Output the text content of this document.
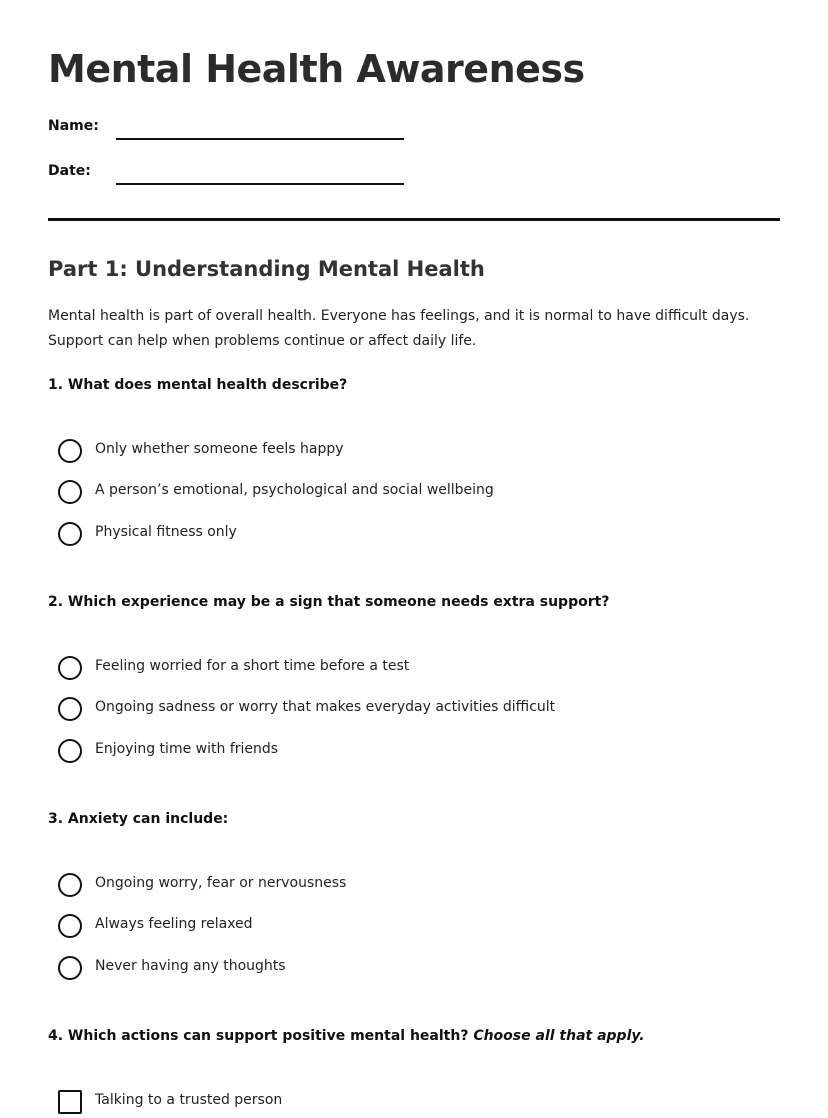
Mental Health Awareness
Name:
Date:
Part 1: Understanding Mental Health

Mental health is part of overall health. Everyone has feelings, and it is normal to have difficult days. Support can help when problems continue or affect daily life.

1. What does mental health describe?

Only whether someone feels happy
A person’s emotional, psychological and social wellbeing
Physical fitness only

2. Which experience may be a sign that someone needs extra support?

Feeling worried for a short time before a test
Ongoing sadness or worry that makes everyday activities difficult
Enjoying time with friends

3. Anxiety can include:

Ongoing worry, fear or nervousness
Always feeling relaxed
Never having any thoughts

4. Which actions can support positive mental health? Choose all that apply.

Talking to a trusted person
